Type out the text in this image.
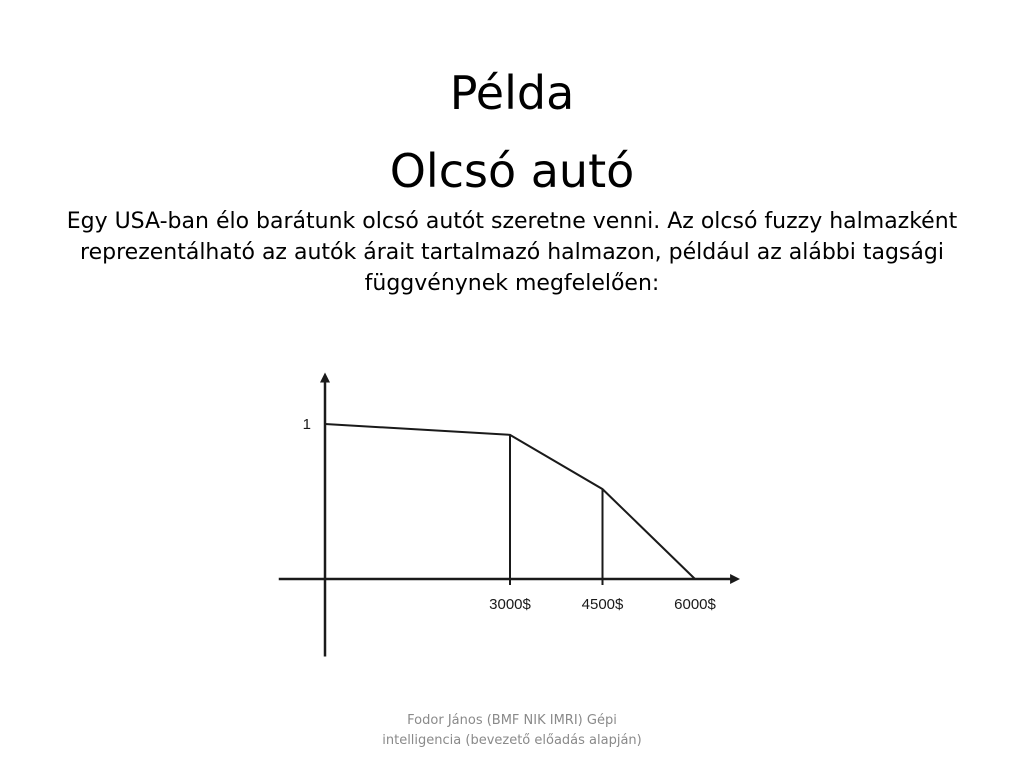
Példa
Olcsó autó

Egy USA-ban élo barátunk olcsó autót szeretne venni. Az olcsó fuzzy halmazként reprezentálható az autók árait tartalmazó halmazon, például az alábbi tagsági függvénynek megfelelően:

3000$	4500$	6000$
1

Fodor János (BMF NIK IMRI) Gépi
intelligencia (bevezető előadás alapján)
